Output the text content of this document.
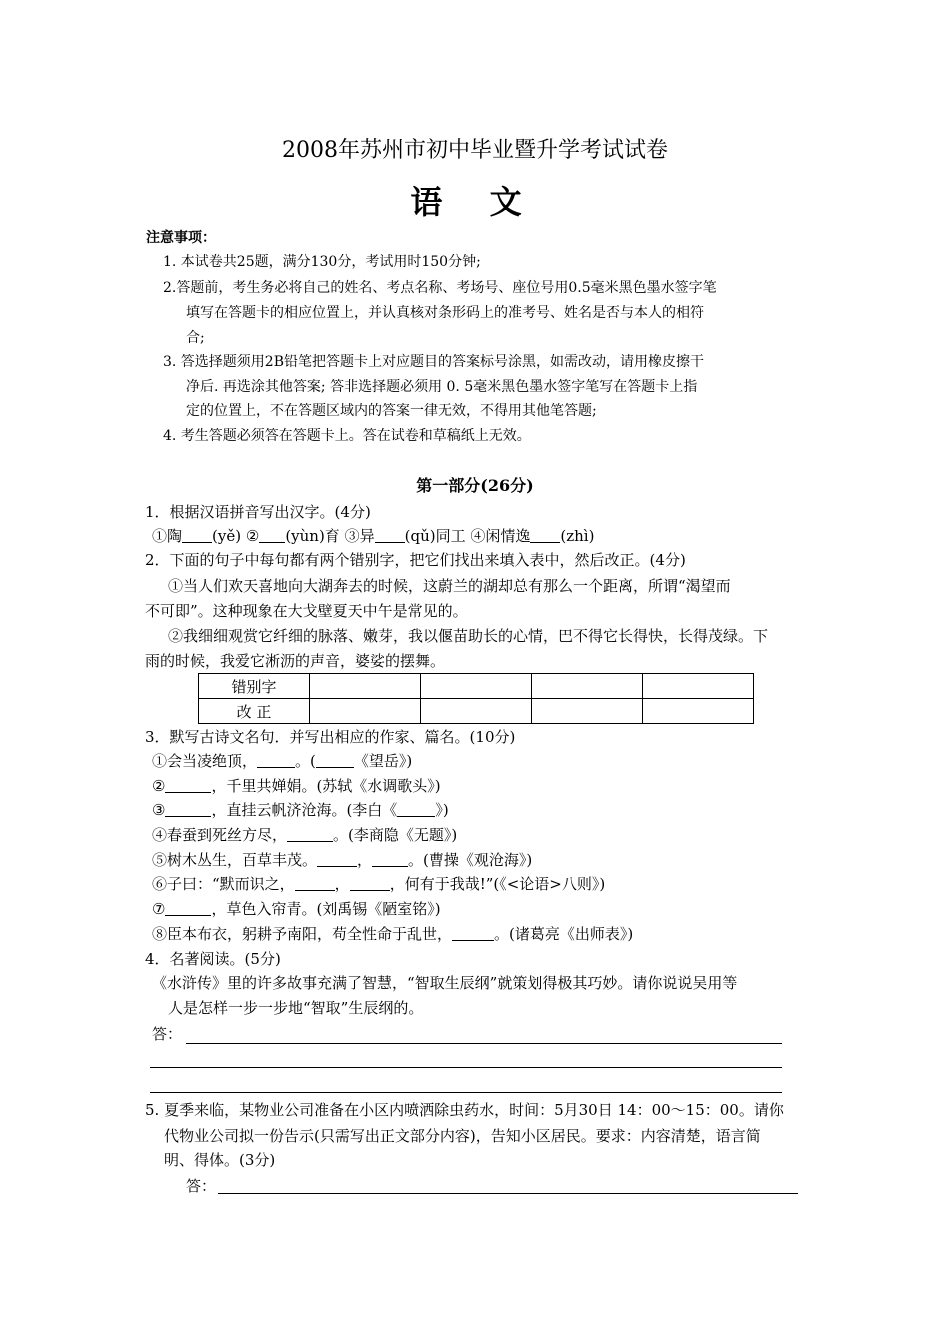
2008年苏州市初中毕业暨升学考试试卷
语 文
注意事项：
1. 本试卷共25题，满分130分，考试用时150分钟;
2.答题前，考生务必将自己的姓名、考点名称、考场号、座位号用0.5毫米黑色墨水签字笔
填写在答题卡的相应位置上，并认真核对条形码上的准考号、姓名是否与本人的相符
合;
3. 答选择题须用2B铅笔把答题卡上对应题目的答案标号涂黑，如需改动，请用橡皮擦干
净后. 再选涂其他答案; 答非选择题必须用 0. 5毫米黑色墨水签字笔写在答题卡上指
定的位置上，不在答题区域内的答案一律无效，不得用其他笔答题;
4. 考生答题必须答在答题卡上。答在试卷和草稿纸上无效。
第一部分(26分)
1．根据汉语拼音写出汉字。(4分)
①陶 (yě) ② (yùn)育 ③异 (qǔ)同工 ④闲情逸 (zhì)
2．下面的句子中每句都有两个错别字，把它们找出来填入表中，然后改正。(4分)
①当人们欢天喜地向大湖奔去的时候，这蔚兰的湖却总有那么一个距离，所谓“渴望而
不可即”。这种现象在大戈壁夏天中午是常见的。
②我细细观赏它纤细的脉落、嫩芽，我以偃苗助长的心情，巴不得它长得快，长得茂绿。下
雨的时候，我爱它淅沥的声音，婆娑的摆舞。
错别字				
改 正				
3．默写古诗文名句．并写出相应的作家、篇名。(10分)
①会当凌绝顶，	。(	《望岳》)
②	，千里共婵娟。(苏轼《水调歌头》)
③	，直挂云帆济沧海。(李白《	》)
④春蚕到死丝方尽，	。(李商隐《无题》)
⑤树木丛生，百草丰茂。	， 。(曹操《观沧海》)
⑥子曰：“默而识之，	，	，何有于我哉!”(《<论语>八则》)
⑦	，草色入帘青。(刘禹锡《陋室铭》)
⑧臣本布衣，躬耕予南阳，苟全性命于乱世，	。(诸葛亮《出师表》)
4．名著阅读。(5分)
《水浒传》里的许多故事充满了智慧，“智取生辰纲”就策划得极其巧妙。请你说说吴用等
人是怎样一步一步地“智取”生辰纲的。
答：
5. 夏季来临，某物业公司准备在小区内喷洒除虫药水，时间：5月30日 14：00～15：00。请你
代物业公司拟一份告示(只需写出正文部分内容)，告知小区居民。要求：内容清楚，语言简
明、得体。(3分)
答：
